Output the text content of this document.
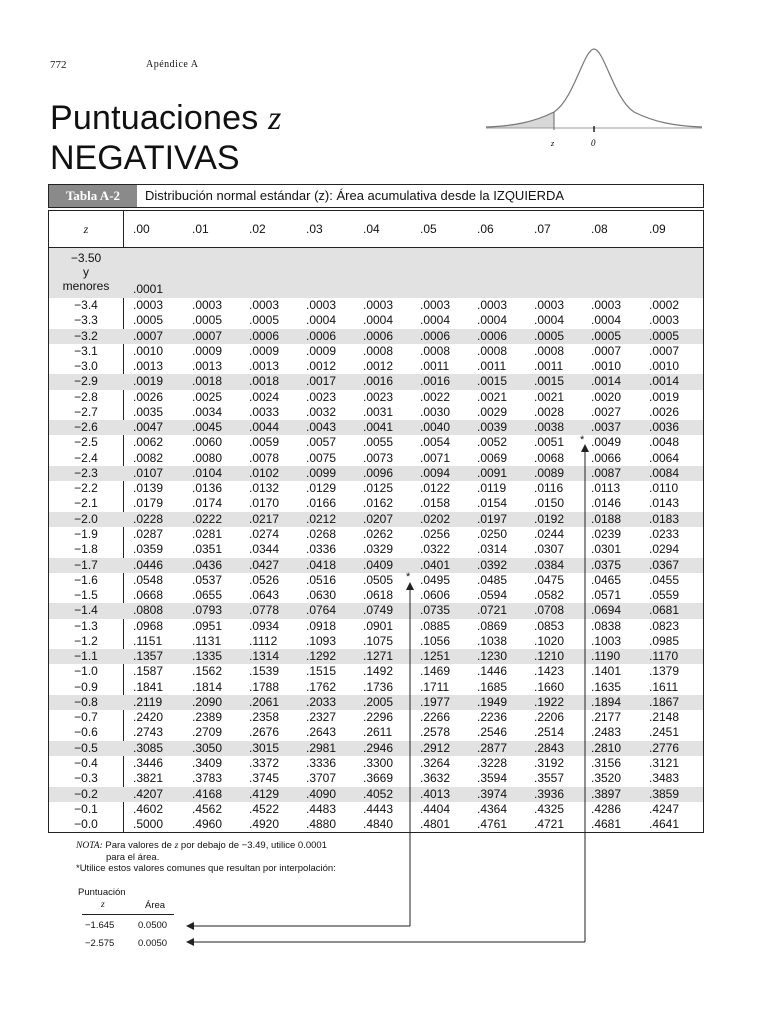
772	Apéndice A
Puntuaciones z
NEGATIVAS	z	0
Tabla A-2	Distribución normal estándar (z): Área acumulativa desde la IZQUIERDA
z	.00	.01	.02	.03	.04	.05	.06	.07	.08	.09
−3.50
y
menores	.0001
−3.4	.0003 .0003 .0003 .0003 .0003 .0003 .0003 .0003 .0003 .0002
−3.3	.0005 .0005 .0005 .0004 .0004 .0004 .0004 .0004 .0004 .0003
−3.2	.0007 .0007 .0006 .0006 .0006 .0006 .0006 .0005 .0005 .0005
−3.1	.0010 .0009 .0009 .0009 .0008 .0008 .0008 .0008 .0007 .0007
−3.0	.0013 .0013 .0013 .0012 .0012 .0011 .0011 .0011 .0010 .0010
−2.9	.0019 .0018 .0018 .0017 .0016 .0016 .0015 .0015 .0014 .0014
−2.8	.0026 .0025 .0024 .0023 .0023 .0022 .0021 .0021 .0020 .0019
−2.7	.0035 .0034 .0033 .0032 .0031 .0030 .0029 .0028 .0027 .0026
−2.6	.0047 .0045 .0044 .0043 .0041 .0040 .0039 .0038 .0037 .0036
−2.5	.0062 .0060 .0059 .0057 .0055 .0054 .0052 .0051 .0049 .0048
−2.4	.0082 .0080 .0078 .0075 .0073 .0071 .0069 .0068 .0066 .0064
−2.3	.0107 .0104 .0102 .0099 .0096 .0094 .0091 .0089 .0087 .0084
−2.2	.0139 .0136 .0132 .0129 .0125 .0122 .0119 .0116 .0113 .0110
−2.1	.0179 .0174 .0170 .0166 .0162 .0158 .0154 .0150 .0146 .0143
−2.0	.0228 .0222 .0217 .0212 .0207 .0202 .0197 .0192 .0188 .0183
−1.9	.0287 .0281 .0274 .0268 .0262 .0256 .0250 .0244 .0239 .0233
−1.8	.0359 .0351 .0344 .0336 .0329 .0322 .0314 .0307 .0301 .0294
−1.7	.0446 .0436 .0427 .0418 .0409 .0401 .0392 .0384 .0375 .0367
−1.6	.0548 .0537 .0526 .0516 .0505 .0495 .0485 .0475 .0465 .0455
−1.5	.0668 .0655 .0643 .0630 .0618 .0606 .0594 .0582 .0571 .0559
−1.4	.0808 .0793 .0778 .0764 .0749 .0735 .0721 .0708 .0694 .0681
−1.3	.0968 .0951 .0934 .0918 .0901 .0885 .0869 .0853 .0838 .0823
−1.2	.1151 .1131 .1112 .1093 .1075 .1056 .1038 .1020 .1003 .0985
−1.1	.1357 .1335 .1314 .1292 .1271 .1251 .1230 .1210 .1190 .1170
−1.0	.1587 .1562 .1539 .1515 .1492 .1469 .1446 .1423 .1401 .1379
−0.9	.1841 .1814 .1788 .1762 .1736 .1711 .1685 .1660 .1635 .1611
−0.8	.2119 .2090 .2061 .2033 .2005 .1977 .1949 .1922 .1894 .1867
−0.7	.2420 .2389 .2358 .2327 .2296 .2266 .2236 .2206 .2177 .2148
−0.6	.2743 .2709 .2676 .2643 .2611 .2578 .2546 .2514 .2483 .2451
−0.5	.3085 .3050 .3015 .2981 .2946 .2912 .2877 .2843 .2810 .2776
−0.4	.3446 .3409 .3372 .3336 .3300 .3264 .3228 .3192 .3156 .3121
−0.3	.3821 .3783 .3745 .3707 .3669 .3632 .3594 .3557 .3520 .3483
−0.2	.4207 .4168 .4129 .4090 .4052 .4013 .3974 .3936 .3897 .3859
−0.1	.4602 .4562 .4522 .4483 .4443 .4404 .4364 .4325 .4286 .4247
−0.0	.5000 .4960 .4920 .4880 .4840 .4801 .4761 .4721 .4681 .4641
NOTA: Para valores de z por debajo de −3.49, utilice 0.0001
para el área.
*Utilice estos valores comunes que resultan por interpolación:
Puntuación
z	Área
−1.645 0.0500
−2.575 0.0050
*
*
